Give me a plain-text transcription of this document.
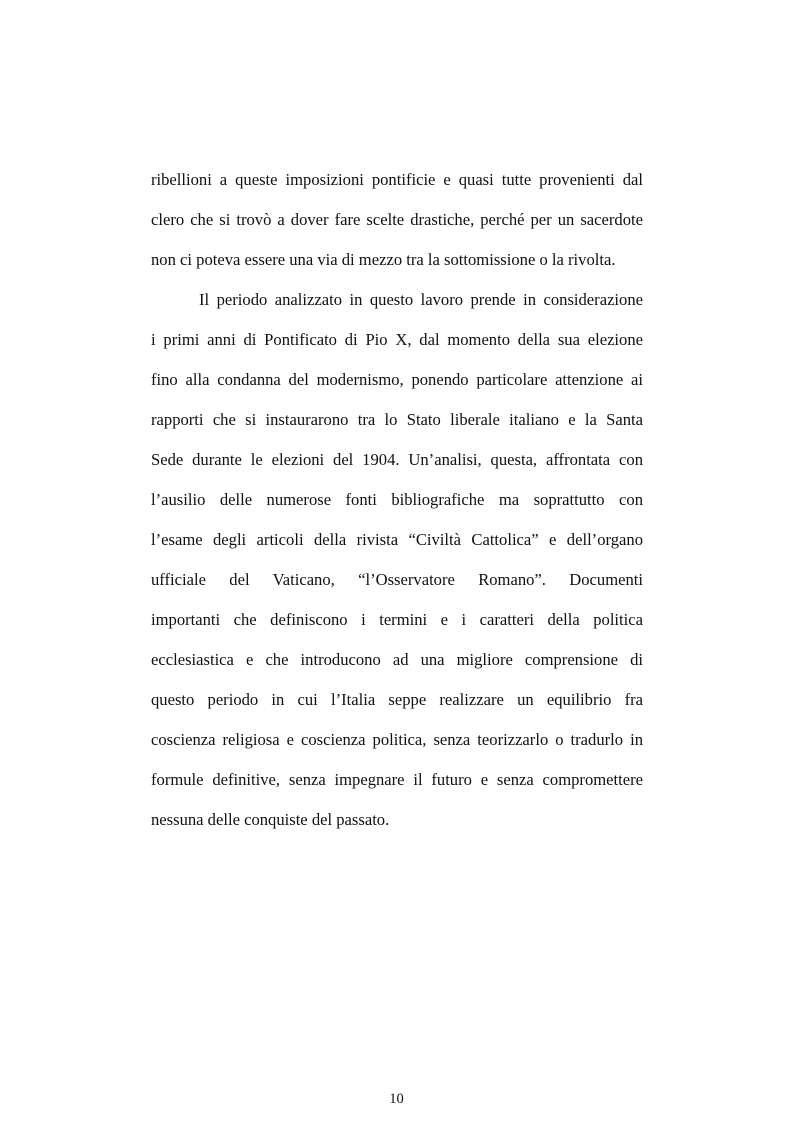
ribellioni a queste imposizioni pontificie e quasi tutte provenienti dal
clero che si trovò a dover fare scelte drastiche, perché per un sacerdote
non ci poteva essere una via di mezzo tra la sottomissione o la rivolta.
Il periodo analizzato in questo lavoro prende in considerazione
i primi anni di Pontificato di Pio X, dal momento della sua elezione
fino alla condanna del modernismo, ponendo particolare attenzione ai
rapporti che si instaurarono tra lo Stato liberale italiano e la Santa
Sede durante le elezioni del 1904. Un’analisi, questa, affrontata con
l’ausilio delle numerose fonti bibliografiche ma soprattutto con
l’esame degli articoli della rivista “Civiltà Cattolica” e dell’organo
ufficiale del Vaticano, “l’Osservatore Romano”. Documenti
importanti che definiscono i termini e i caratteri della politica
ecclesiastica e che introducono ad una migliore comprensione di
questo periodo in cui l’Italia seppe realizzare un equilibrio fra
coscienza religiosa e coscienza politica, senza teorizzarlo o tradurlo in
formule definitive, senza impegnare il futuro e senza compromettere
nessuna delle conquiste del passato.
10
